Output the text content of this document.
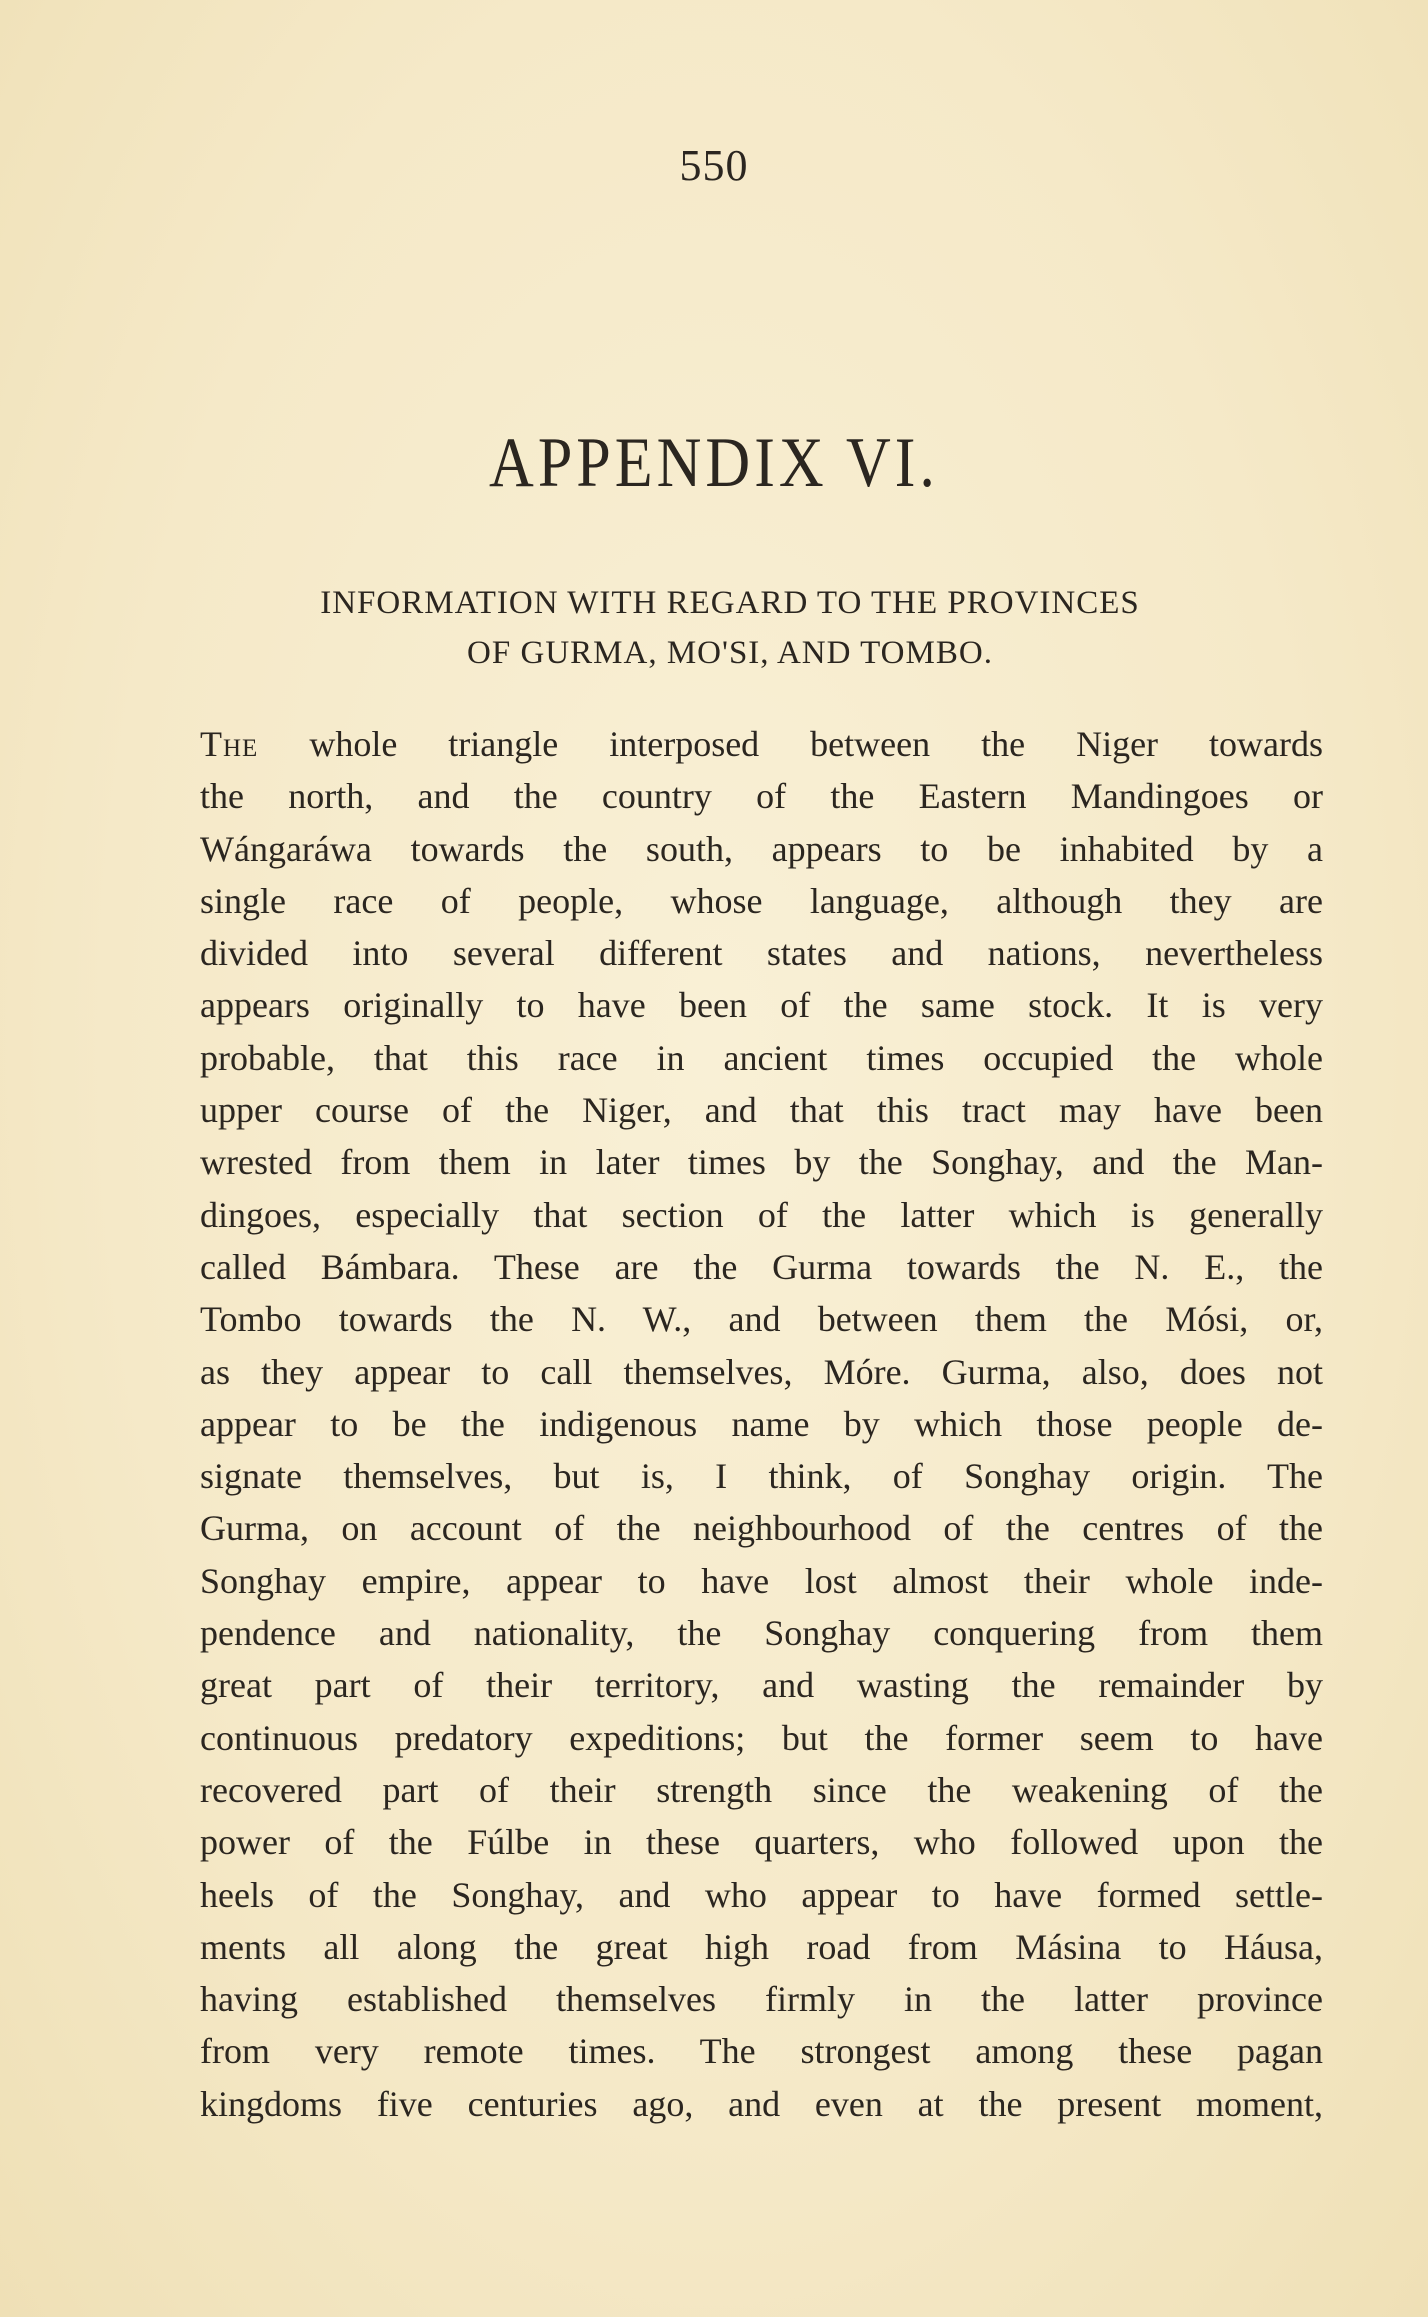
550
APPENDIX VI.
INFORMATION WITH REGARD TO THE PROVINCES
OF GURMA, MO'SI, AND TOMBO.
The whole triangle interposed between the Niger towards
the north, and the country of the Eastern Mandingoes or
Wángaráwa towards the south, appears to be inhabited by a
single race of people, whose language, although they are
divided into several different states and nations, nevertheless
appears originally to have been of the same stock. It is very
probable, that this race in ancient times occupied the whole
upper course of the Niger, and that this tract may have been
wrested from them in later times by the Songhay, and the Man-
dingoes, especially that section of the latter which is generally
called Bámbara. These are the Gurma towards the N. E., the
Tombo towards the N. W., and between them the Mósi, or,
as they appear to call themselves, Móre. Gurma, also, does not
appear to be the indigenous name by which those people de-
signate themselves, but is, I think, of Songhay origin. The
Gurma, on account of the neighbourhood of the centres of the
Songhay empire, appear to have lost almost their whole inde-
pendence and nationality, the Songhay conquering from them
great part of their territory, and wasting the remainder by
continuous predatory expeditions; but the former seem to have
recovered part of their strength since the weakening of the
power of the Fúlbe in these quarters, who followed upon the
heels of the Songhay, and who appear to have formed settle-
ments all along the great high road from Másina to Háusa,
having established themselves firmly in the latter province
from very remote times. The strongest among these pagan
kingdoms five centuries ago, and even at the present moment,
